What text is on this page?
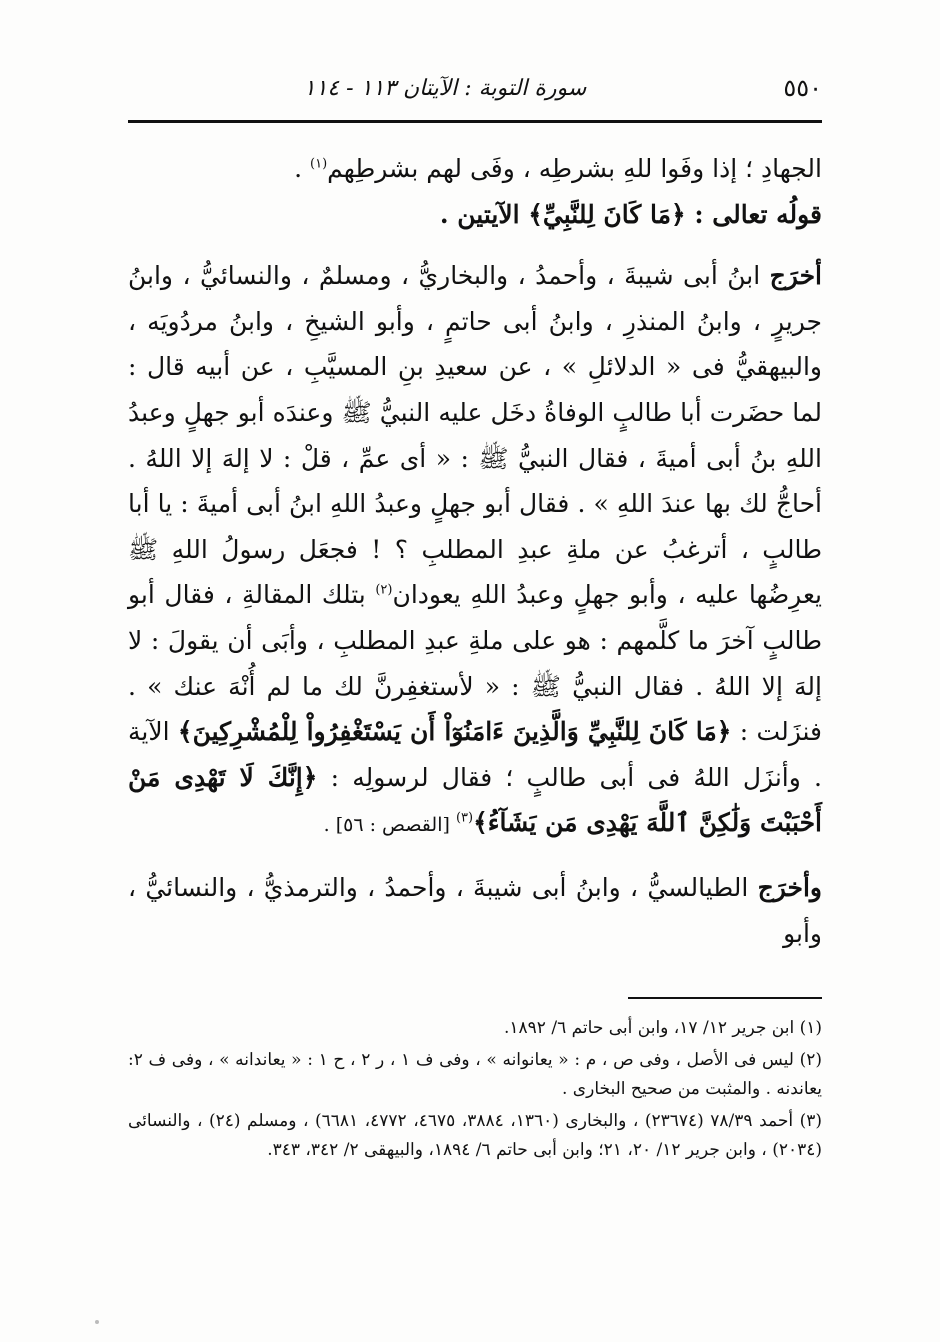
٥٥٠
سورة التوبة : الآيتان ١١٣ - ١١٤

الجهادِ ؛ إذا وفَوا للهِ بشرطِه ، وفَى لهم بشرطِهم$^{(١)}$ .

قولُه تعالى : ﴿مَا كَانَ لِلنَّبِيِّ﴾ الآيتين .

أخرَج ابنُ أبى شيبةَ ، وأحمدُ ، والبخاريُّ ، ومسلمٌ ، والنسائيُّ ، وابنُ جريرٍ ، وابنُ المنذرِ ، وابنُ أبى حاتمٍ ، وأبو الشيخِ ، وابنُ مردُويَه ، والبيهقيُّ فى « الدلائلِ » ، عن سعيدِ بنِ المسيَّبِ ، عن أبيه قال : لما حضَرت أبا طالبٍ الوفاةُ دخَل عليه النبيُّ ﷺ وعندَه أبو جهلٍ وعبدُ اللهِ بنُ أبى أميةَ ، فقال النبيُّ ﷺ : « أى عمِّ ، قلْ : لا إلهَ إلا اللهُ . أحاجُّ لك بها عندَ اللهِ » . فقال أبو جهلٍ وعبدُ اللهِ ابنُ أبى أميةَ : يا أبا طالبٍ ، أترغبُ عن ملةِ عبدِ المطلبِ ؟ ! فجعَل رسولُ اللهِ ﷺ يعرِضُها عليه ، وأبو جهلٍ وعبدُ اللهِ يعودان$^{(٢)}$ بتلك المقالةِ ، فقال أبو طالبٍ آخرَ ما كلَّمهم : هو على ملةِ عبدِ المطلبِ ، وأبَى أن يقولَ : لا إلهَ إلا اللهُ . فقال النبيُّ ﷺ : « لأستغفِرنَّ لك ما لم أُنْهَ عنك » . فنزَلت : ﴿مَا كَانَ لِلنَّبِيِّ وَالَّذِينَ ءَامَنُوٓاْ أَن يَسْتَغْفِرُواْ لِلْمُشْرِكِينَ﴾ الآية . وأنزَل اللهُ فى أبى طالبٍ ؛ فقال لرسولِه : ﴿إِنَّكَ لَا تَهْدِى مَنْ أَحْبَبْتَ وَلَٰكِنَّ ٱللَّهَ يَهْدِى مَن يَشَآءُ﴾$^{(٣)}$ [القصص : ٥٦] .

وأخرَج الطيالسيُّ ، وابنُ أبى شيبةَ ، وأحمدُ ، والترمذيُّ ، والنسائيُّ ، وأبو

(١) ابن جرير ١٢/ ١٧، وابن أبى حاتم ٦/ ١٨٩٢.

(٢) ليس فى الأصل ، وفى ص ، م : « يعانوانه » ، وفى ف ١ ، ر ٢ ، ح ١ : « يعاندانه » ، وفى ف ٢: يعاندنه . والمثبت من صحيح البخارى .

(٣) أحمد ٧٨/٣٩ (٢٣٦٧٤) ، والبخارى (١٣٦٠، ٣٨٨٤، ٤٦٧٥، ٤٧٧٢، ٦٦٨١) ، ومسلم (٢٤) ، والنسائى (٢٠٣٤) ، وابن جرير ١٢/ ٢٠، ٢١؛ وابن أبى حاتم ٦/ ١٨٩٤، والبيهقى ٢/ ٣٤٢، ٣٤٣.
